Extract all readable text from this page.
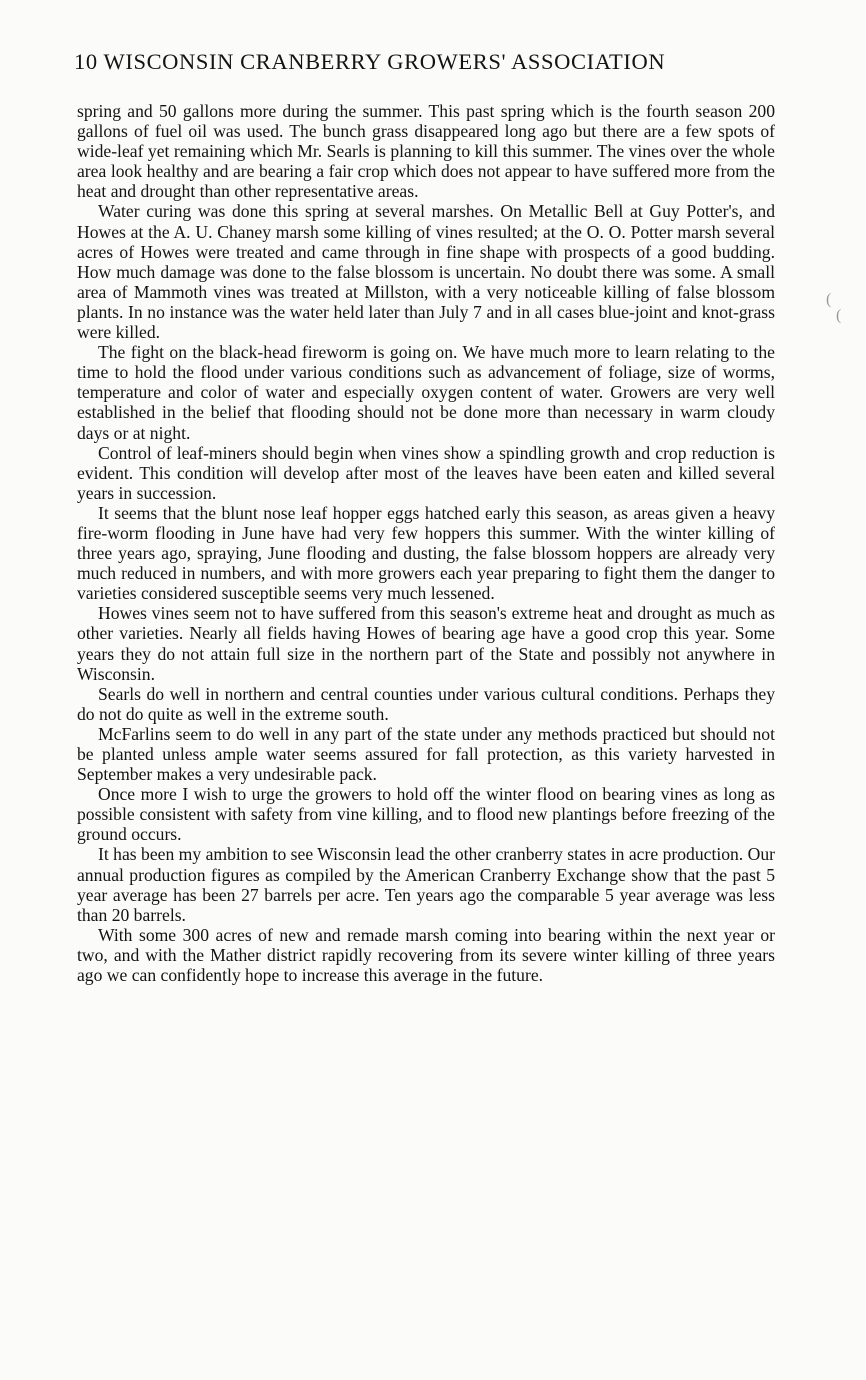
10 WISCONSIN CRANBERRY GROWERS' ASSOCIATION

spring and 50 gallons more during the summer. This past spring which is the fourth season 200 gallons of fuel oil was used. The bunch grass disappeared long ago but there are a few spots of wide-leaf yet remaining which Mr. Searls is planning to kill this summer. The vines over the whole area look healthy and are bearing a fair crop which does not appear to have suffered more from the heat and drought than other representative areas.

Water curing was done this spring at several marshes. On Metallic Bell at Guy Potter's, and Howes at the A. U. Chaney marsh some killing of vines resulted; at the O. O. Potter marsh several acres of Howes were treated and came through in fine shape with prospects of a good budding. How much damage was done to the false blossom is uncertain. No doubt there was some. A small area of Mammoth vines was treated at Millston, with a very noticeable killing of false blossom plants. In no instance was the water held later than July 7 and in all cases blue-joint and knot-grass were killed.

The fight on the black-head fireworm is going on. We have much more to learn relating to the time to hold the flood under various conditions such as advancement of foliage, size of worms, temperature and color of water and especially oxygen content of water. Growers are very well established in the belief that flooding should not be done more than necessary in warm cloudy days or at night.

Control of leaf-miners should begin when vines show a spindling growth and crop reduction is evident. This condition will develop after most of the leaves have been eaten and killed several years in succession.

It seems that the blunt nose leaf hopper eggs hatched early this season, as areas given a heavy fire-worm flooding in June have had very few hoppers this summer. With the winter killing of three years ago, spraying, June flooding and dusting, the false blossom hoppers are already very much reduced in numbers, and with more growers each year preparing to fight them the danger to varieties considered susceptible seems very much lessened.

Howes vines seem not to have suffered from this season's extreme heat and drought as much as other varieties. Nearly all fields having Howes of bearing age have a good crop this year. Some years they do not attain full size in the northern part of the State and possibly not anywhere in Wisconsin.

Searls do well in northern and central counties under various cultural conditions. Perhaps they do not do quite as well in the extreme south.

McFarlins seem to do well in any part of the state under any methods practiced but should not be planted unless ample water seems assured for fall protection, as this variety harvested in September makes a very undesirable pack.

Once more I wish to urge the growers to hold off the winter flood on bearing vines as long as possible consistent with safety from vine killing, and to flood new plantings before freezing of the ground occurs.

It has been my ambition to see Wisconsin lead the other cranberry states in acre production. Our annual production figures as compiled by the American Cranberry Exchange show that the past 5 year average has been 27 barrels per acre. Ten years ago the comparable 5 year average was less than 20 barrels.

With some 300 acres of new and remade marsh coming into bearing within the next year or two, and with the Mather district rapidly recovering from its severe winter killing of three years ago we can confidently hope to increase this average in the future.

(
(
